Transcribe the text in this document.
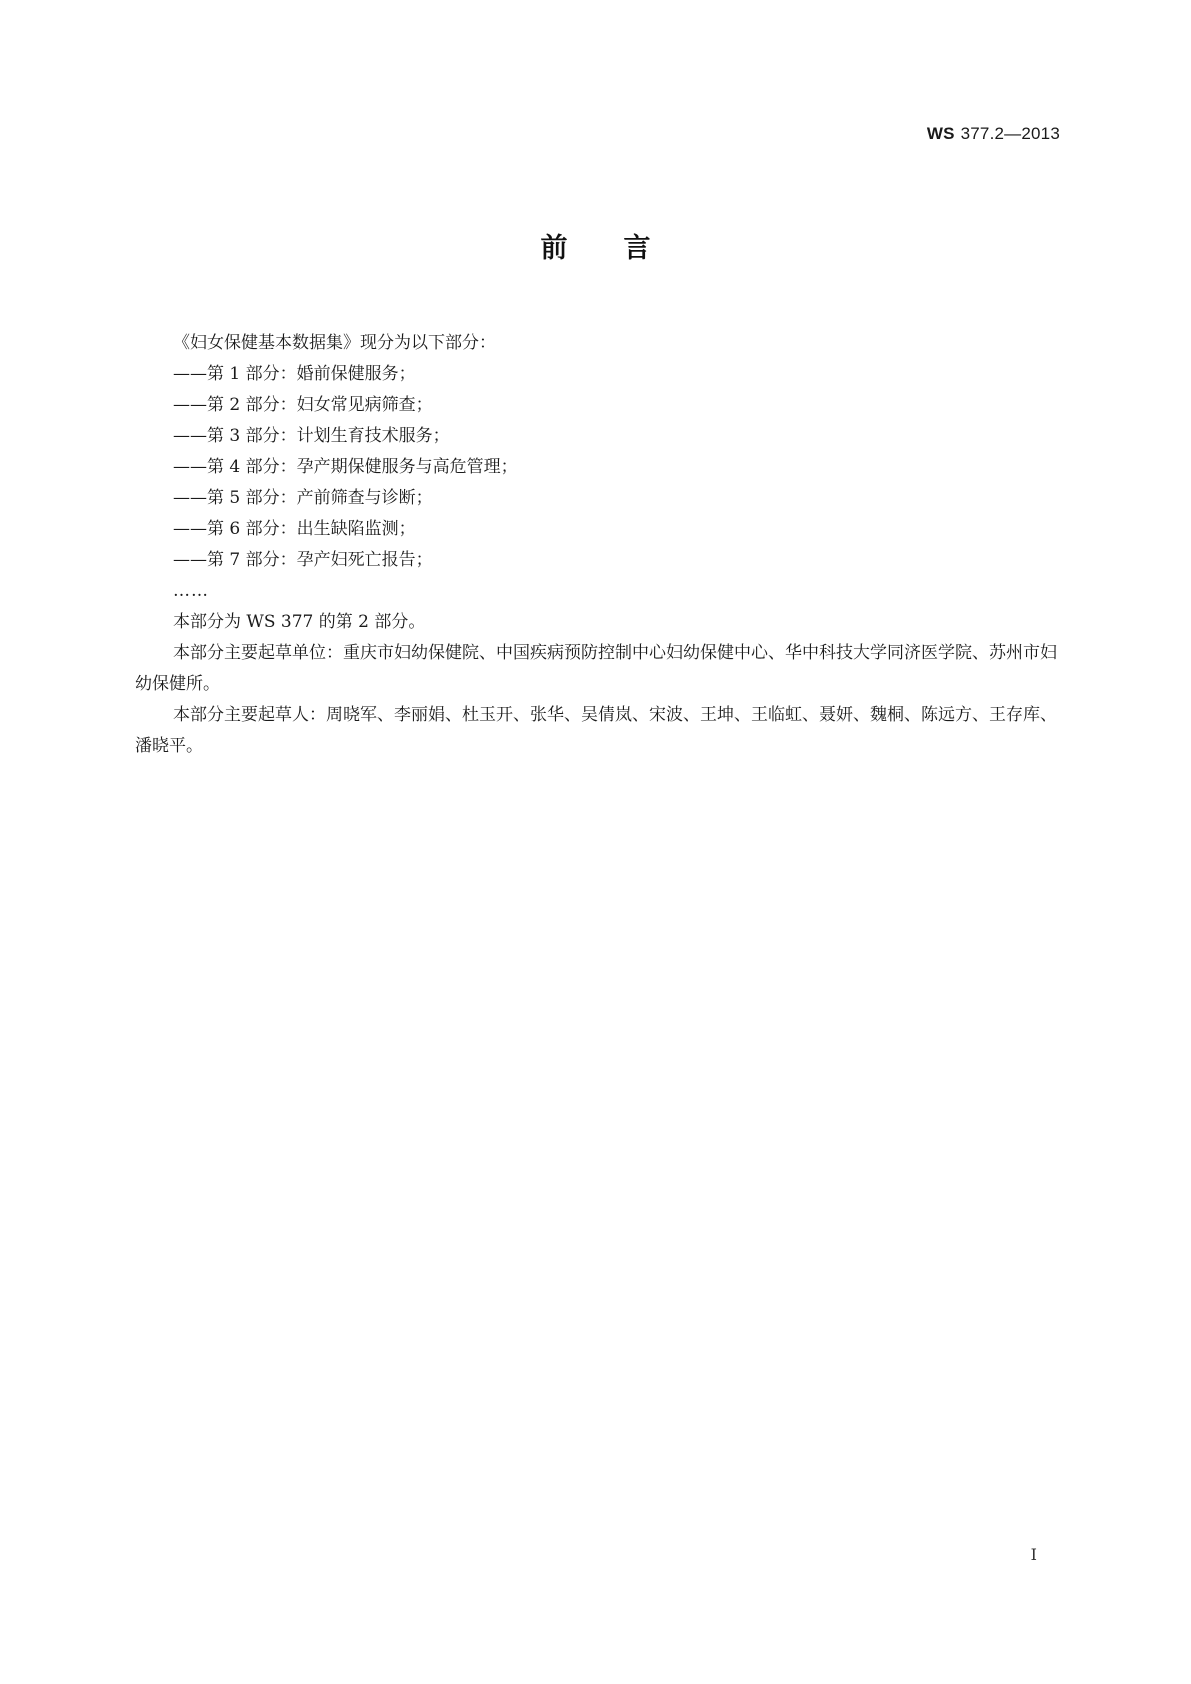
WS 377.2—2013
前言

《妇女保健基本数据集》现分为以下部分：

——第 1 部分：婚前保健服务；

——第 2 部分：妇女常见病筛查；

——第 3 部分：计划生育技术服务；

——第 4 部分：孕产期保健服务与高危管理；

——第 5 部分：产前筛查与诊断；

——第 6 部分：出生缺陷监测；

——第 7 部分：孕产妇死亡报告；

……

本部分为 WS 377 的第 2 部分。

本部分主要起草单位：重庆市妇幼保健院、中国疾病预防控制中心妇幼保健中心、华中科技大学同济医学院、苏州市妇幼保健所。

本部分主要起草人：周晓军、李丽娟、杜玉开、张华、吴倩岚、宋波、王坤、王临虹、聂妍、魏桐、陈远方、王存库、潘晓平。

I
